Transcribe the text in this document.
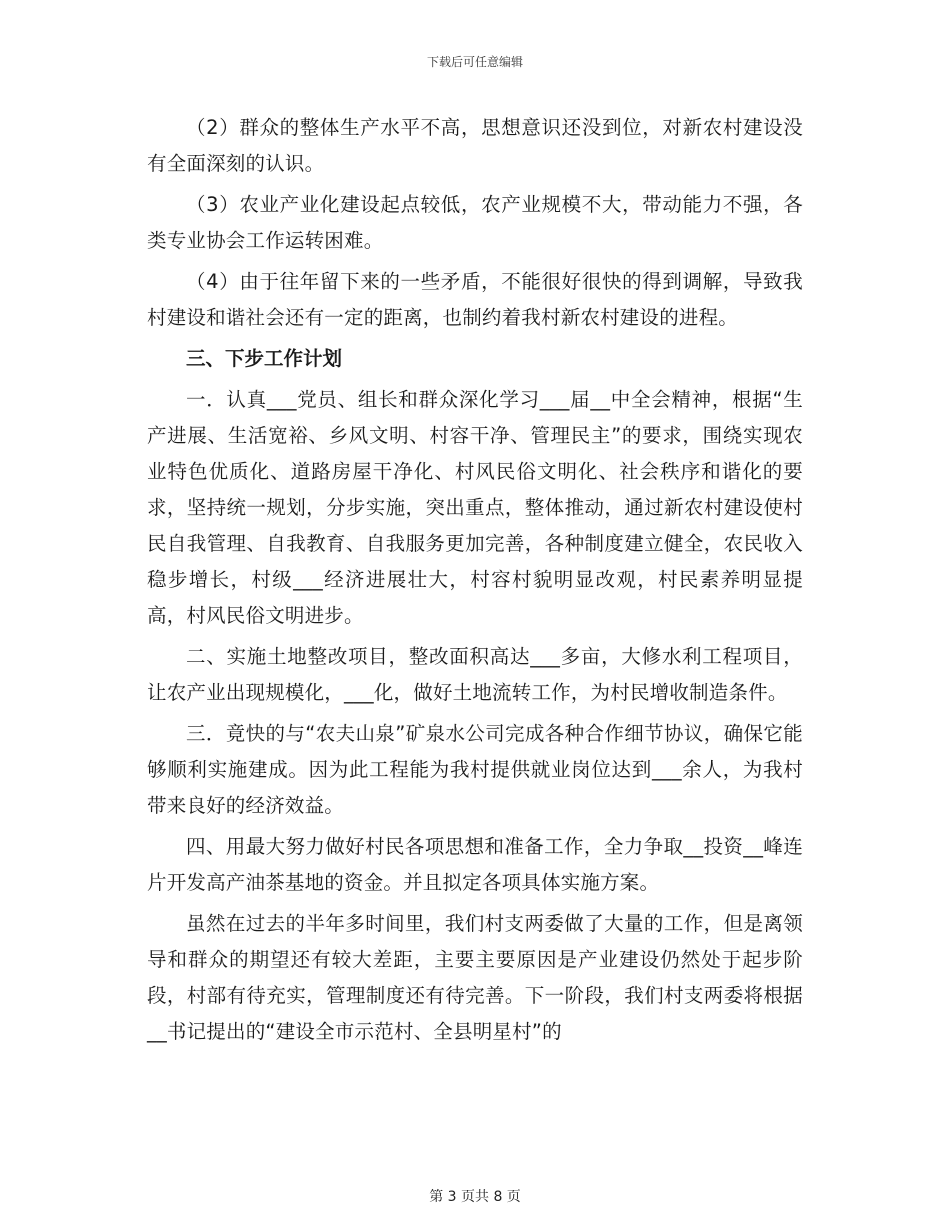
下载后可任意编辑

（2）群众的整体生产水平不高，思想意识还没到位，对新农村建设没有全面深刻的认识。

（3）农业产业化建设起点较低，农产业规模不大，带动能力不强，各类专业协会工作运转困难。

（4）由于往年留下来的一些矛盾，不能很好很快的得到调解，导致我村建设和谐社会还有一定的距离，也制约着我村新农村建设的进程。

三、下步工作计划

一．认真___党员、组长和群众深化学习___届__中全会精神，根据“生产进展、生活宽裕、乡风文明、村容干净、管理民主”的要求，围绕实现农业特色优质化、道路房屋干净化、村风民俗文明化、社会秩序和谐化的要求，坚持统一规划，分步实施，突出重点，整体推动，通过新农村建设使村民自我管理、自我教育、自我服务更加完善，各种制度建立健全，农民收入稳步增长，村级___经济进展壮大，村容村貌明显改观，村民素养明显提高，村风民俗文明进步。

二、实施土地整改项目，整改面积高达___多亩，大修水利工程项目，让农产业出现规模化，___化，做好土地流转工作，为村民增收制造条件。

三．竟快的与“农夫山泉”矿泉水公司完成各种合作细节协议，确保它能够顺利实施建成。因为此工程能为我村提供就业岗位达到___余人，为我村带来良好的经济效益。

四、用最大努力做好村民各项思想和准备工作，全力争取__投资__峰连片开发高产油茶基地的资金。并且拟定各项具体实施方案。

虽然在过去的半年多时间里，我们村支两委做了大量的工作，但是离领导和群众的期望还有较大差距，主要主要原因是产业建设仍然处于起步阶段，村部有待充实，管理制度还有待完善。下一阶段，我们村支两委将根据__书记提出的“建设全市示范村、全县明星村”的

第 3 页共 8 页
